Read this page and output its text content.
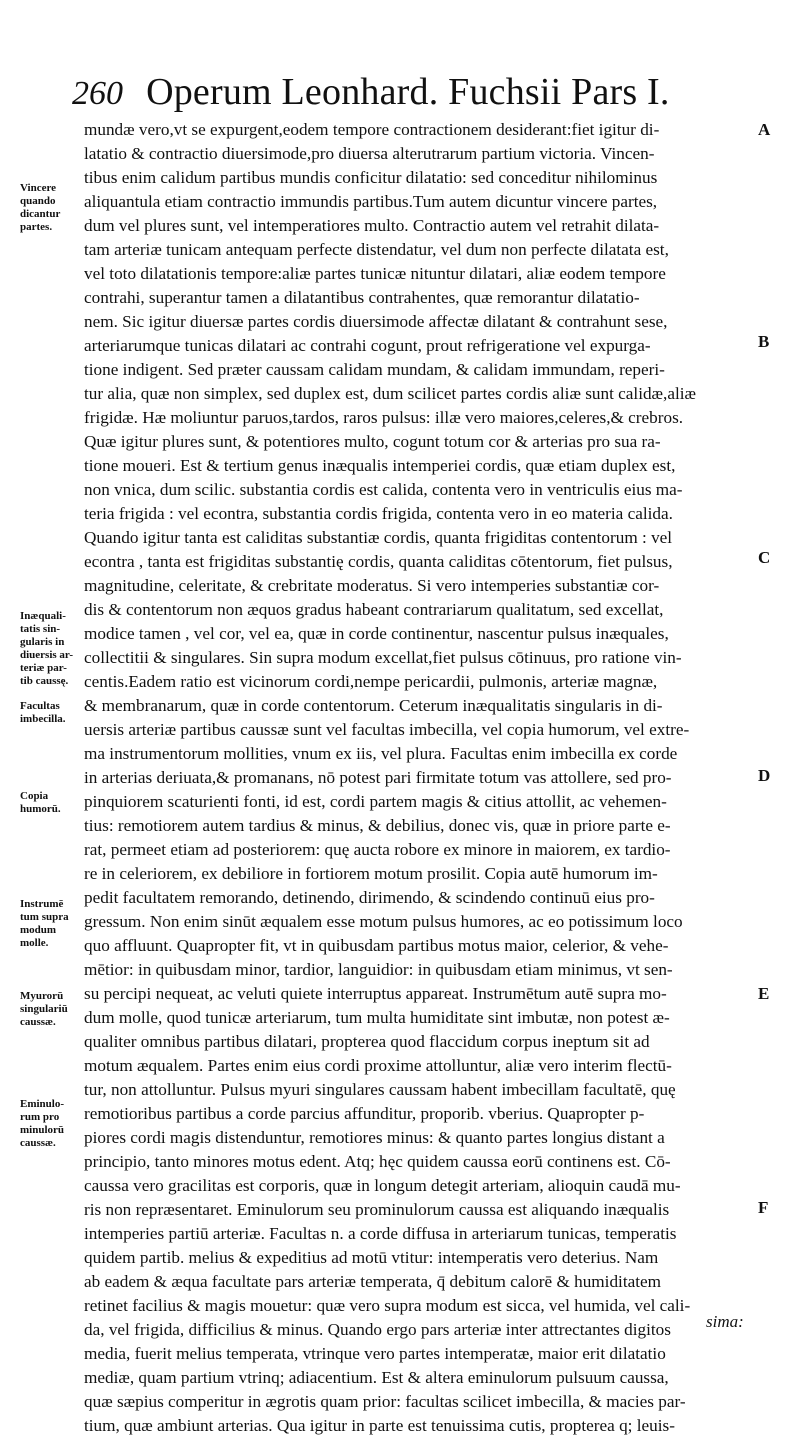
260 Operum Leonhard. Fuchsii Pars I.
mundæ vero,vt se expurgent,eodem tempore contractionem desiderant:fiet igitur di-
latatio & contractio diuersimode,pro diuersa alterutrarum partium victoria. Vincen-
tibus enim calidum partibus mundis conficitur dilatatio: sed conceditur nihilominus
aliquantula etiam contractio immundis partibus.Tum autem dicuntur vincere partes,
dum vel plures sunt, vel intemperatiores multo. Contractio autem vel retrahit dilata-
tam arteriæ tunicam antequam perfecte distendatur, vel dum non perfecte dilatata est,
vel toto dilatationis tempore:aliæ partes tunicæ nituntur dilatari, aliæ eodem tempore
contrahi, superantur tamen a dilatantibus contrahentes, quæ remorantur dilatatio-
nem. Sic igitur diuersæ partes cordis diuersimode affectæ dilatant & contrahunt sese,
arteriarumque tunicas dilatari ac contrahi cogunt, prout refrigeratione vel expurga-
tione indigent. Sed præter caussam calidam mundam, & calidam immundam, reperi-
tur alia, quæ non simplex, sed duplex est, dum scilicet partes cordis aliæ sunt calidæ,aliæ
frigidæ. Hæ moliuntur paruos,tardos, raros pulsus: illæ vero maiores,celeres,& crebros.
Quæ igitur plures sunt, & potentiores multo, cogunt totum cor & arterias pro sua ra-
tione moueri. Est & tertium genus inæqualis intemperiei cordis, quæ etiam duplex est,
non vnica, dum scilic. substantia cordis est calida, contenta vero in ventriculis eius ma-
teria frigida : vel econtra, substantia cordis frigida, contenta vero in eo materia calida.
Quando igitur tanta est caliditas substantiæ cordis, quanta frigiditas contentorum : vel
econtra , tanta est frigiditas substantię cordis, quanta caliditas cōtentorum, fiet pulsus,
magnitudine, celeritate, & crebritate moderatus. Si vero intemperies substantiæ cor-
dis & contentorum non æquos gradus habeant contrariarum qualitatum, sed excellat,
modice tamen , vel cor, vel ea, quæ in corde continentur, nascentur pulsus inæquales,
collectitii & singulares. Sin supra modum excellat,fiet pulsus cōtinuus, pro ratione vin-
centis.Eadem ratio est vicinorum cordi,nempe pericardii, pulmonis, arteriæ magnæ,
& membranarum, quæ in corde contentorum. Ceterum inæqualitatis singularis in di-
uersis arteriæ partibus caussæ sunt vel facultas imbecilla, vel copia humorum, vel extre-
ma instrumentorum mollities, vnum ex iis, vel plura. Facultas enim imbecilla ex corde
in arterias deriuata,& promanans, nō potest pari firmitate totum vas attollere, sed pro-
pinquiorem scaturienti fonti, id est, cordi partem magis & citius attollit, ac vehemen-
tius: remotiorem autem tardius & minus, & debilius, donec vis, quæ in priore parte e-
rat, permeet etiam ad posteriorem: quę aucta robore ex minore in maiorem, ex tardio-
re in celeriorem, ex debiliore in fortiorem motum prosilit. Copia autē humorum im-
pedit facultatem remorando, detinendo, dirimendo, & scindendo continuū eius pro-
gressum. Non enim sinūt æqualem esse motum pulsus humores, ac eo potissimum loco
quo affluunt. Quapropter fit, vt in quibusdam partibus motus maior, celerior, & vehe-
mētior: in quibusdam minor, tardior, languidior: in quibusdam etiam minimus, vt sen-
su percipi nequeat, ac veluti quiete interruptus appareat. Instrumētum autē supra mo-
dum molle, quod tunicæ arteriarum, tum multa humiditate sint imbutæ, non potest æ-
qualiter omnibus partibus dilatari, propterea quod flaccidum corpus ineptum sit ad
motum æqualem. Partes enim eius cordi proxime attolluntur, aliæ vero interim flectū-
tur, non attolluntur. Pulsus myuri singulares caussam habent imbecillam facultatē, quę
remotioribus partibus a corde parcius affunditur, proporib. vberius. Quapropter p-
piores cordi magis distenduntur, remotiores minus: & quanto partes longius distant a
principio, tanto minores motus edent. Atq; hęc quidem caussa eorū continens est. Cō-
caussa vero gracilitas est corporis, quæ in longum detegit arteriam, alioquin caudā mu-
ris non repræsentaret. Eminulorum seu prominulorum caussa est aliquando inæqualis
intemperies partiū arteriæ. Facultas n. a corde diffusa in arteriarum tunicas, temperatis
quidem partib. melius & expeditius ad motū vtitur: intemperatis vero deterius. Nam
ab eadem & æqua facultate pars arteriæ temperata, q̄ debitum calorē & humiditatem
retinet facilius & magis mouetur: quæ vero supra modum est sicca, vel humida, vel cali-
da, vel frigida, difficilius & minus. Quando ergo pars arteriæ inter attrectantes digitos
media, fuerit melius temperata, vtrinque vero partes intemperatæ, maior erit dilatatio
mediæ, quam partium vtrinq; adiacentium. Est & altera eminulorum pulsuum caussa,
quæ sæpius comperitur in ægrotis quam prior: facultas scilicet imbecilla, & macies par-
tium, quæ ambiunt arterias. Qua igitur in parte est tenuissima cutis, propterea q; leuis-
Vincere
quando
dicantur
partes.
Inæquali-
tatis sin-
gularis in
diuersis ar-
teriæ par-
tib caussę.
Facultas
imbecilla.
Copia
humorū.
Instrumē
tum supra
modum
molle.
Myurorū
singulariū
caussæ.
Eminulo-
rum pro
minulorū
caussæ.
A
B
C
D
E
F
sima:
